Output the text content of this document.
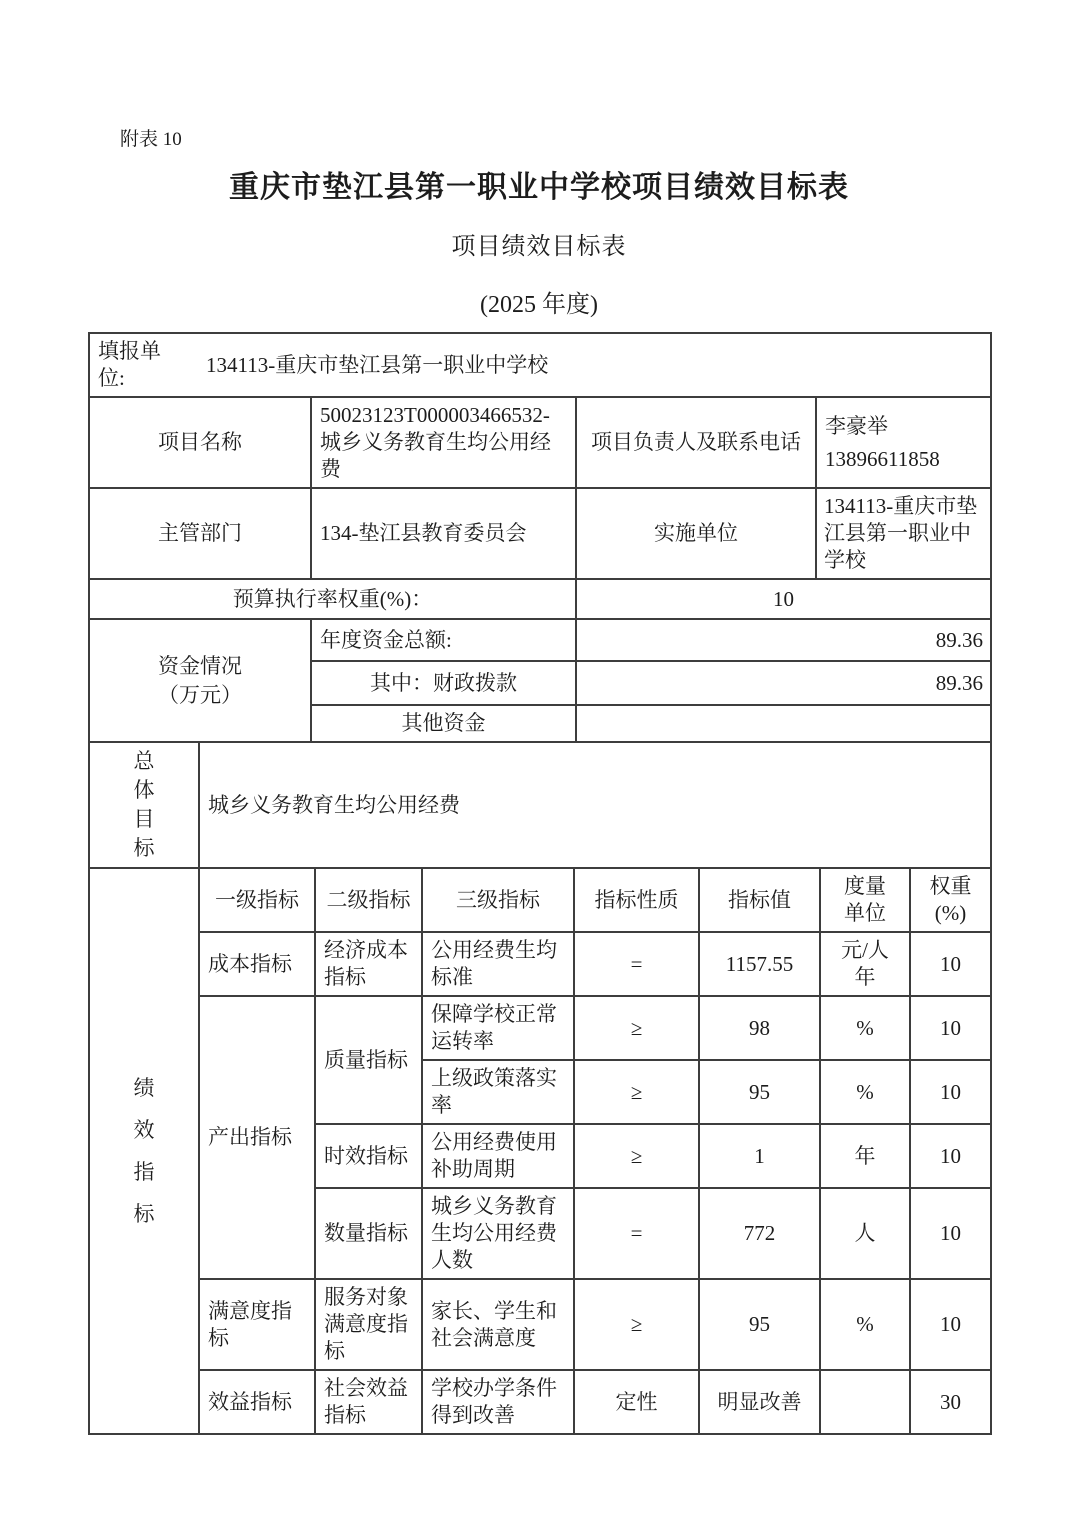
附表 10
重庆市垫江县第一职业中学校项目绩效目标表
项目绩效目标表
(2025 年度)
填报单位:
134113-重庆市垫江县第一职业中学校			

项目名称	50023123T000003466532-城乡义务教育生均公用经费	项目负责人及联系电话	李豪举
13896611858

主管部门	134-垫江县教育委员会	实施单位	134113-重庆市垫江县第一职业中学校
预算执行率权重(%)：		10	

资金情况
（万元）	年度资金总额:	89.36	
	其中：财政拨款	89.36	
	其他资金		
总体目标	城乡义务教育生均公用经费						

绩效指标	一级指标	二级指标	三级指标	指标性质	指标值	度量单位	权重(%)
	成本指标	经济成本指标	公用经费生均标准	=	1157.55	元/人年	10
	产出指标	质量指标	保障学校正常运转率	≥	98	%	10
			上级政策落实率	≥	95	%	10
		时效指标	公用经费使用补助周期	≥	1	年	10
		数量指标	城乡义务教育生均公用经费人数	=	772	人	10
	满意度指标	服务对象满意度指标	家长、学生和社会满意度	≥	95	%	10
	效益指标	社会效益指标	学校办学条件得到改善	定性	明显改善		30
